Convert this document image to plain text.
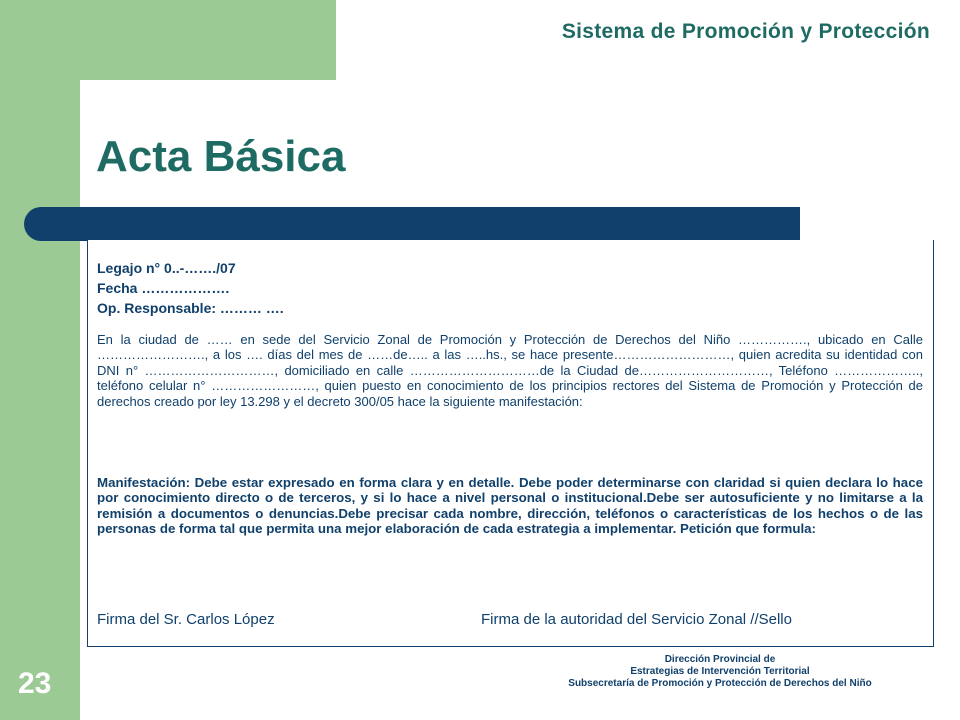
Sistema de Promoción y Protección
Acta Básica
Legajo n° 0..-……./07
Fecha ……………….
Op. Responsable: ……… ….
En la ciudad de …… en sede del Servicio Zonal de Promoción y Protección de Derechos del Niño ……………., ubicado en Calle ……………………., a los …. días del mes de ……de….. a las …..hs., se hace presente………………………, quien acredita su identidad con DNI n° …………………………, domiciliado en calle …………………………de la Ciudad de…………………………, Teléfono ……………….., teléfono celular n° ……………………, quien puesto en conocimiento de los principios rectores del Sistema de Promoción y Protección de derechos creado por ley 13.298 y el decreto 300/05 hace la siguiente manifestación:
Manifestación: Debe estar expresado en forma clara y en detalle. Debe poder determinarse con claridad si quien declara lo hace por conocimiento directo o de terceros, y si lo hace a nivel personal o institucional.Debe ser autosuficiente y no limitarse a la remisión a documentos o denuncias.Debe precisar cada nombre, dirección, teléfonos o características de los hechos o de las personas de forma tal que permita una mejor elaboración de cada estrategia a implementar. Petición que formula:
Firma del Sr. Carlos López	Firma de la autoridad del Servicio Zonal //Sello
23
Dirección Provincial de
Estrategias de Intervención Territorial
Subsecretaría de Promoción y Protección de Derechos del Niño
